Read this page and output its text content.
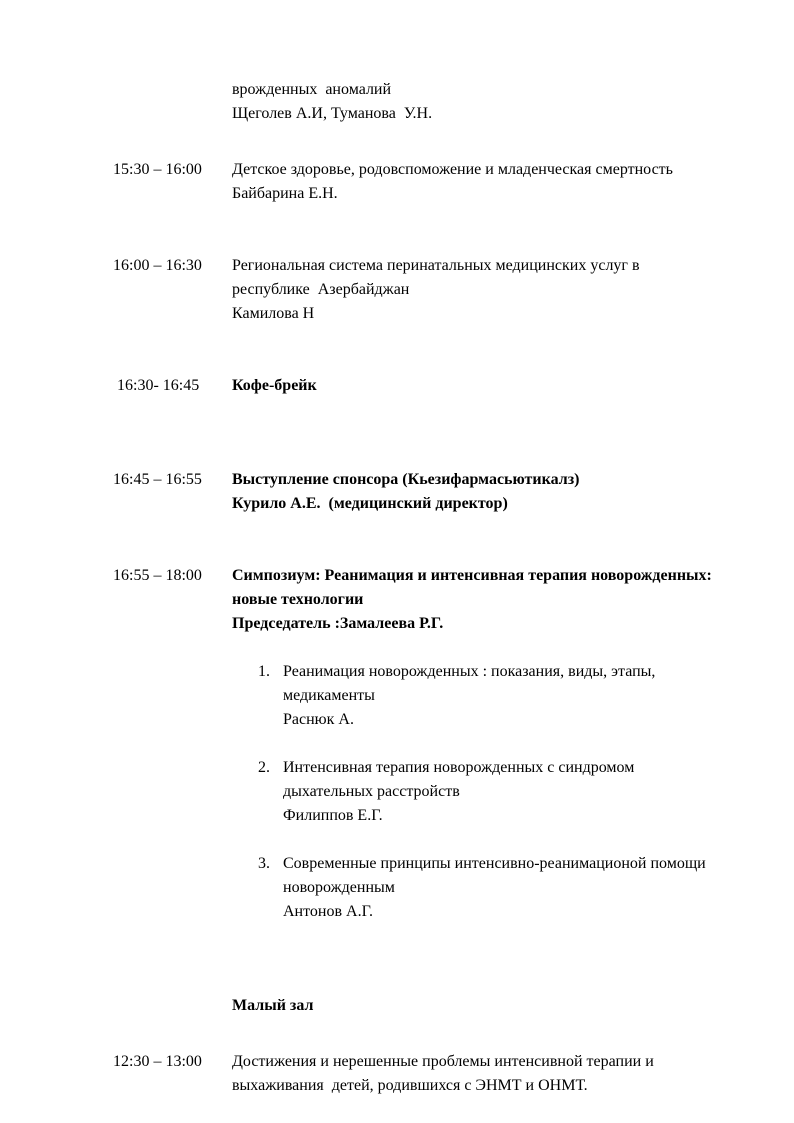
врожденных  аномалий
Щеголев А.И, Туманова  У.Н.
15:30 – 16:00	Детское здоровье, родовспоможение и младенческая смертность
Байбарина Е.Н.
16:00 – 16:30	Региональная система перинатальных медицинских услуг в республике  Азербайджан
Камилова Н
16:30- 16:45	Кофе-брейк
16:45 – 16:55	Выступление спонсора (Кьезифармасьютикалз)
Курило А.Е.  (медицинский директор)
16:55 – 18:00	Симпозиум: Реанимация и интенсивная терапия новорожденных: новые технологии
Председатель :Замалеева Р.Г.
1. Реанимация новорожденных : показания, виды, этапы, медикаменты
Раснюк А.
2. Интенсивная терапия новорожденных с синдромом дыхательных расстройств
Филиппов Е.Г.
3. Современные принципы интенсивно-реанимационой помощи  новорожденным
Антонов А.Г.
Малый зал
12:30 – 13:00	Достижения и нерешенные проблемы интенсивной терапии и выхаживания  детей, родившихся с ЭНМТ и ОНМТ.
